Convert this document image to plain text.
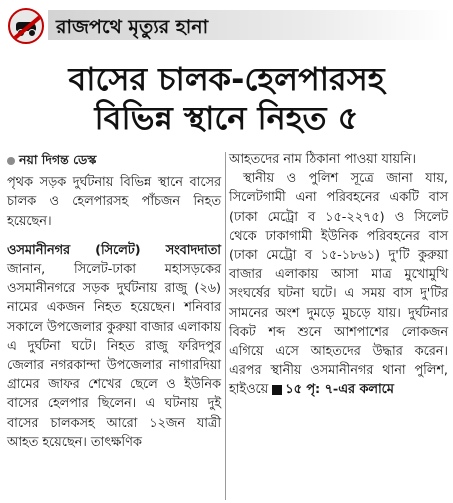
রাজপথে মৃত্যুর হানা
বাসের চালক-হেলপারসহ
বিভিন্ন স্থানে নিহত ৫
নয়া দিগন্ত ডেস্ক

পৃথক সড়ক দুর্ঘটনায় বিভিন্ন স্থানে বাসের চালক ও হেলপারসহ পাঁচজন নিহত হয়েছেন।

ওসমানীনগর (সিলেট) সংবাদদাতা জানান, সিলেট-ঢাকা মহাসড়কের ওসমানীনগরে সড়ক দুর্ঘটনায় রাজু (২৬) নামের একজন নিহত হয়েছেন। শনিবার সকালে উপজেলার কুরুয়া বাজার এলাকায় এ দুর্ঘটনা ঘটে। নিহত রাজু ফরিদপুর জেলার নগরকান্দা উপজেলার নাগারদিয়া গ্রামের জাফর শেখের ছেলে ও ইউনিক বাসের হেলপার ছিলেন। এ ঘটনায় দুই বাসের চালকসহ আরো ১২জন যাত্রী আহত হয়েছেন। তাৎক্ষণিক

আহতদের নাম ঠিকানা পাওয়া যায়নি।

স্থানীয় ও পুলিশ সূত্রে জানা যায়, সিলেটগামী এনা পরিবহনের একটি বাস (ঢাকা মেট্রো ব ১৫-২২৭৫) ও সিলেট থেকে ঢাকাগামী ইউনিক পরিবহনের বাস (ঢাকা মেট্রো ব ১৫-১৮৬১) দু'টি কুরুয়া বাজার এলাকায় আসা মাত্র মুখোমুখি সংঘর্ষের ঘটনা ঘটে। এ সময় বাস দু'টির সামনের অংশ দুমড়ে মুচড়ে যায়। দুর্ঘটনার বিকট শব্দ শুনে আশপাশের লোকজন এগিয়ে এসে আহতদের উদ্ধার করেন। এরপর স্থানীয় ওসমানীনগর থানা পুলিশ, হাইওয়ে ১৫ পৃ: ৭-এর কলামে
